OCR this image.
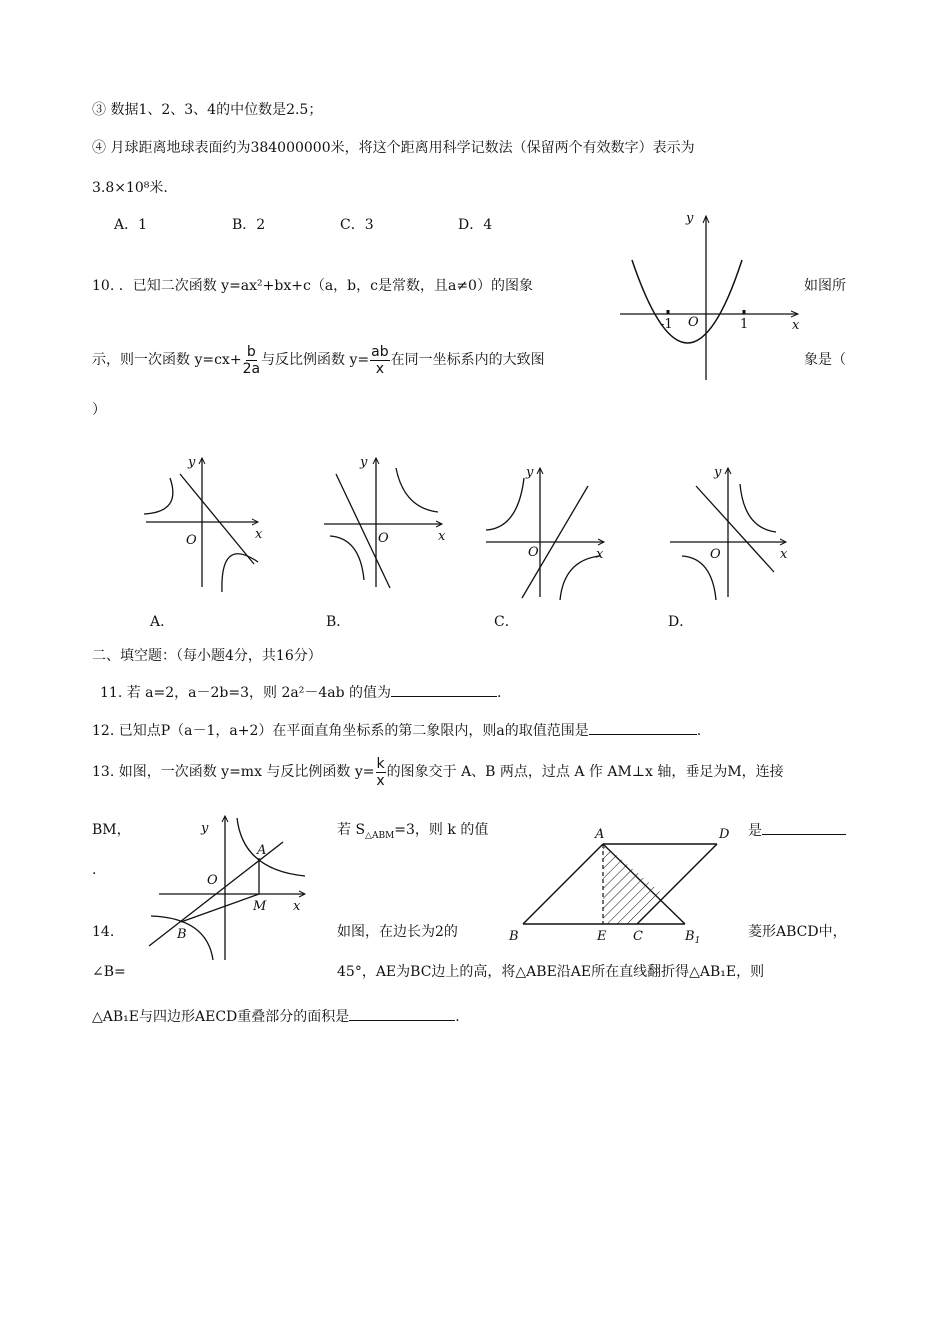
③ 数据1、2、3、4的中位数是2.5；
④ 月球距离地球表面约为384000000米，将这个距离用科学记数法（保留两个有效数字）表示为
3.8×10⁸米.
A．1	B．2	C．3	D．4
10. ．已知二次函数 y=ax²+bx+c（a，b，c是常数，且a≠0）的图象	如图所
示，则一次函数 $y=cx+ \frac{b}{2a}$ 与反比例函数 $y= \frac{ab}{x}$ 在同一坐标系内的大致图	象是（
）
y
x
O
-1	1
y
x
O
y
x
O
y
x
O
y
x
O
A．	B．	C．	D．
二、填空题：（每小题4分，共16分）
11. 若 a=2，a－2b=3，则 2a²－4ab 的值为	.
12. 已知点P（a－1，a+2）在平面直角坐标系的第二象限内，则a的取值范围是	.
13. 如图，一次函数 y=mx 与反比例函数 $y= \frac{k}{x}$ 的图象交于 A、B 两点，过点 A 作 AM⊥x 轴，垂足为M，连接
BM，	若 $S_{\triangle ABM}=3$，则 k 的值	是
.
y
x
O
A
B
M
A	D
B	E C	$B_1$
14.	如图，在边长为2的	菱形ABCD中，
∠B=	45°，AE为BC边上的高，将△ABE沿AE所在直线翻折得△AB₁E，则
△AB₁E与四边形AECD重叠部分的面积是	.
